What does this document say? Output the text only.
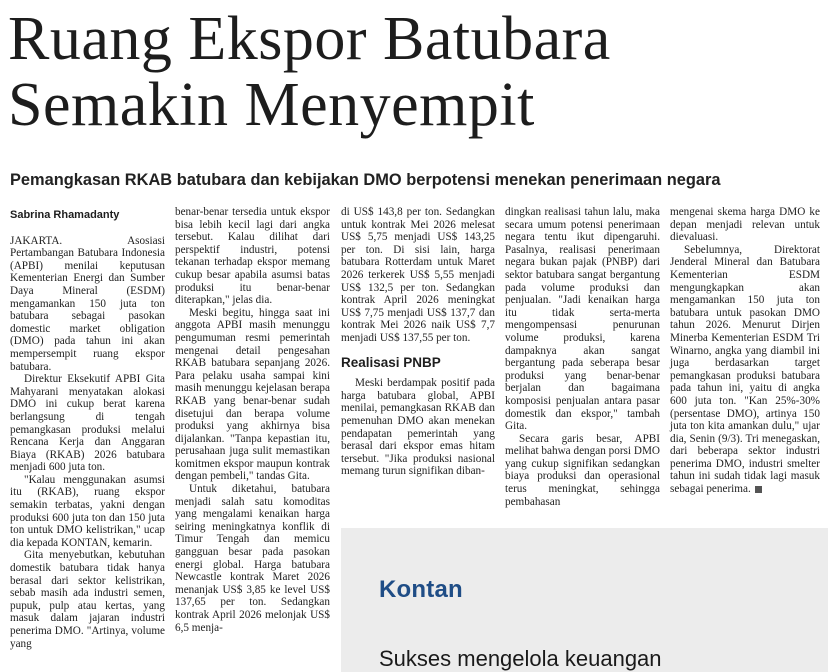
Ruang Ekspor Batubara Semakin Menyempit
Pemangkasan RKAB batubara dan kebijakan DMO berpotensi menekan penerimaan negara

Sabrina Rhamadanty

JAKARTA. Asosiasi Pertambangan Batubara Indonesia (APBI) menilai keputusan Kementerian Energi dan Sumber Daya Mineral (ESDM) mengamankan 150 juta ton batubara sebagai pasokan domestic market obligation (DMO) pada tahun ini akan mempersempit ruang ekspor batubara.

Direktur Eksekutif APBI Gita Mahyarani menyatakan alokasi DMO ini cukup berat karena berlangsung di tengah pemangkasan produksi melalui Rencana Kerja dan Anggaran Biaya (RKAB) 2026 batubara menjadi 600 juta ton.

"Kalau menggunakan asumsi itu (RKAB), ruang ekspor semakin terbatas, yakni dengan produksi 600 juta ton dan 150 juta ton untuk DMO kelistrikan," ucap dia kepada KONTAN, kemarin.

Gita menyebutkan, kebutuhan domestik batubara tidak hanya berasal dari sektor kelistrikan, sebab masih ada industri semen, pupuk, pulp atau kertas, yang masuk dalam jajaran industri penerima DMO. "Artinya, volume yang

benar-benar tersedia untuk ekspor bisa lebih kecil lagi dari angka tersebut. Kalau dilihat dari perspektif industri, potensi tekanan terhadap ekspor memang cukup besar apabila asumsi batas produksi itu benar-benar diterapkan," jelas dia.

Meski begitu, hingga saat ini anggota APBI masih menunggu pengumuman resmi pemerintah mengenai detail pengesahan RKAB batubara sepanjang 2026. Para pelaku usaha sampai kini masih menunggu kejelasan berapa RKAB yang benar-benar sudah disetujui dan berapa volume produksi yang akhirnya bisa dijalankan. "Tanpa kepastian itu, perusahaan juga sulit memastikan komitmen ekspor maupun kontrak dengan pembeli," tandas Gita.

Untuk diketahui, batubara menjadi salah satu komoditas yang mengalami kenaikan harga seiring meningkatnya konflik di Timur Tengah dan memicu gangguan besar pada pasokan energi global. Harga batubara Newcastle kontrak Maret 2026 menanjak US$ 3,85 ke level US$ 137,65 per ton. Sedangkan kontrak April 2026 melonjak US$ 6,5 menja-

di US$ 143,8 per ton. Sedangkan untuk kontrak Mei 2026 melesat US$ 5,75 menjadi US$ 143,25 per ton. Di sisi lain, harga batubara Rotterdam untuk Maret 2026 terkerek US$ 5,55 menjadi US$ 132,5 per ton. Sedangkan kontrak April 2026 meningkat US$ 7,75 menjadi US$ 137,7 dan kontrak Mei 2026 naik US$ 7,7 menjadi US$ 137,55 per ton.

Realisasi PNBP

Meski berdampak positif pada harga batubara global, APBI menilai, pemangkasan RKAB dan pemenuhan DMO akan menekan pendapatan pemerintah yang berasal dari ekspor emas hitam tersebut. "Jika produksi nasional memang turun signifikan diban-

dingkan realisasi tahun lalu, maka secara umum potensi penerimaan negara tentu ikut dipengaruhi. Pasalnya, realisasi penerimaan negara bukan pajak (PNBP) dari sektor batubara sangat bergantung pada volume produksi dan penjualan. "Jadi kenaikan harga itu tidak serta-merta mengompensasi penurunan volume produksi, karena dampaknya akan sangat bergantung pada seberapa besar produksi yang benar-benar berjalan dan bagaimana komposisi penjualan antara pasar domestik dan ekspor," tambah Gita.

Secara garis besar, APBI melihat bahwa dengan porsi DMO yang cukup signifikan sedangkan biaya produksi dan operasional terus meningkat, sehingga pembahasan

mengenai skema harga DMO ke depan menjadi relevan untuk dievaluasi.

Sebelumnya, Direktorat Jenderal Mineral dan Batubara Kementerian ESDM mengungkapkan akan mengamankan 150 juta ton batubara untuk pasokan DMO tahun 2026. Menurut Dirjen Minerba Kementerian ESDM Tri Winarno, angka yang diambil ini juga berdasarkan target pemangkasan produksi batubara pada tahun ini, yaitu di angka 600 juta ton. "Kan 25%-30% (persentase DMO), artinya 150 juta ton kita amankan dulu," ujar dia, Senin (9/3). Tri menegaskan, dari beberapa sektor industri penerima DMO, industri smelter tahun ini sudah tidak lagi masuk sebagai penerima.

Kontan
Sukses mengelola keuangan
